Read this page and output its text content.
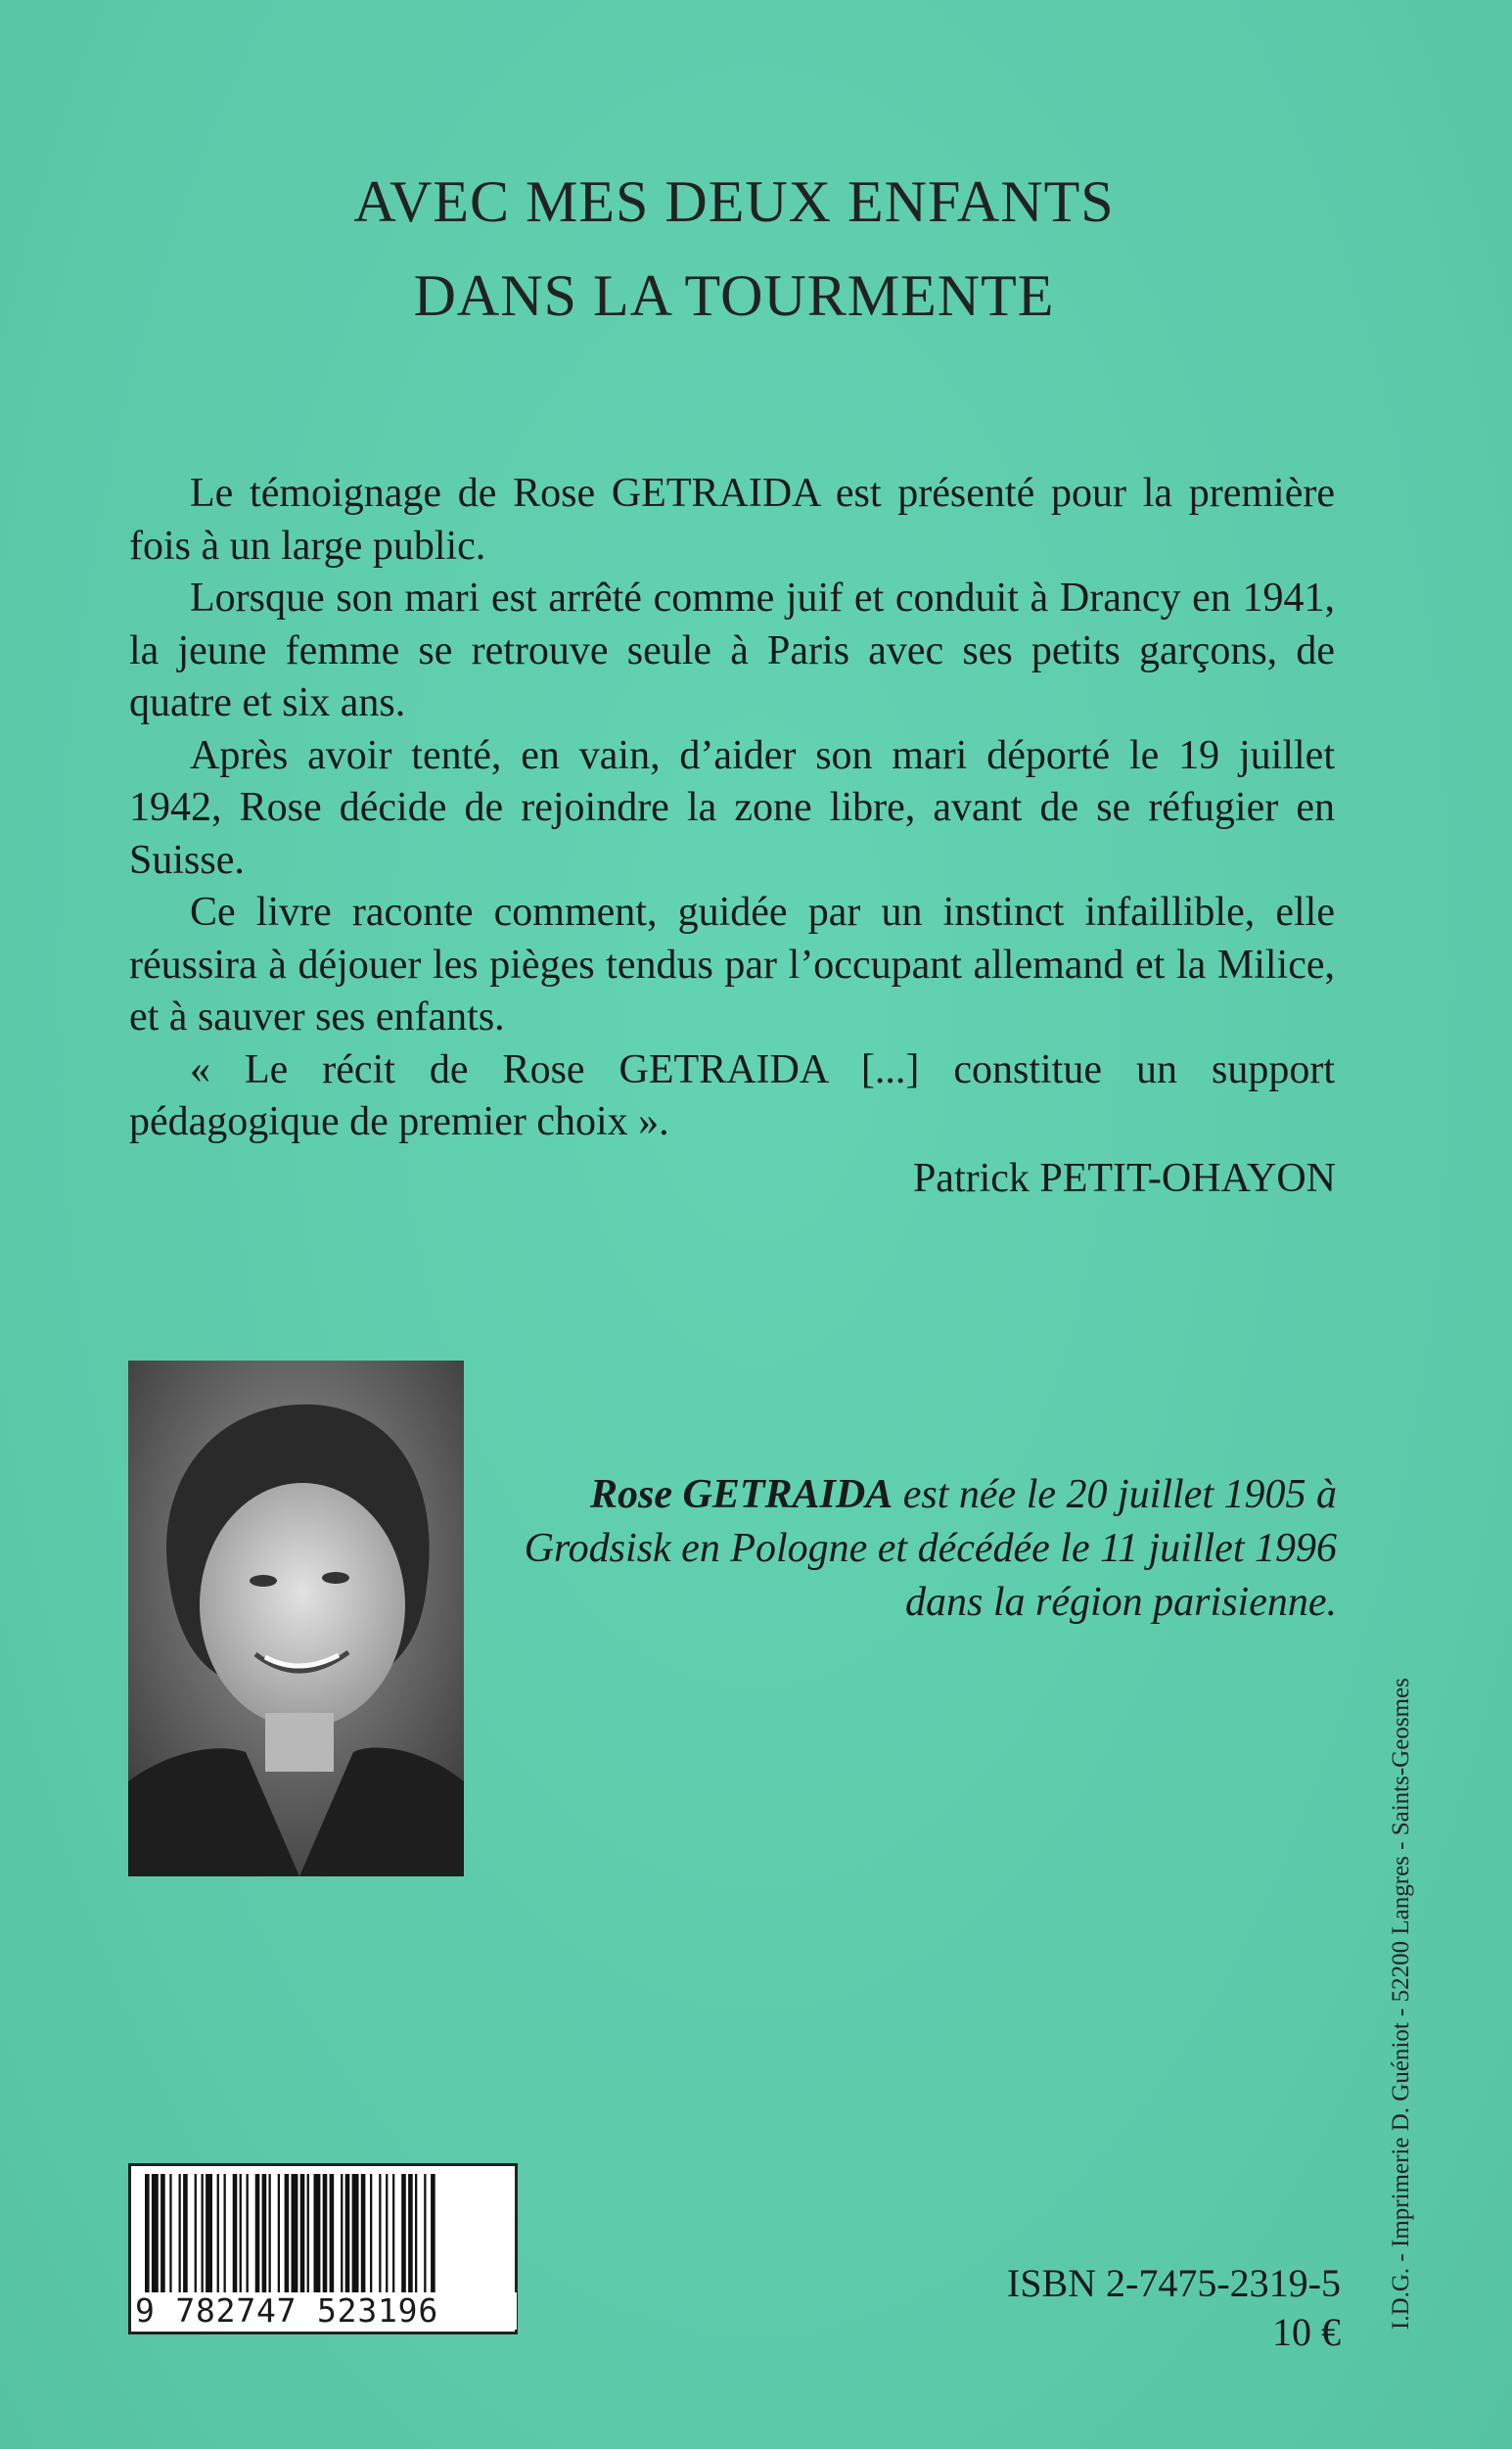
AVEC MES DEUX ENFANTS
DANS LA TOURMENTE

Le témoignage de Rose GETRAIDA est présenté pour la première fois à un large public.

Lorsque son mari est arrêté comme juif et conduit à Drancy en 1941, la jeune femme se retrouve seule à Paris avec ses petits garçons, de quatre et six ans.

Après avoir tenté, en vain, d’aider son mari déporté le 19 juillet 1942, Rose décide de rejoindre la zone libre, avant de se réfugier en Suisse.

Ce livre raconte comment, guidée par un instinct infaillible, elle réussira à déjouer les pièges tendus par l’occupant allemand et la Milice, et à sauver ses enfants.

« Le récit de Rose GETRAIDA [...] constitue un support pédagogique de premier choix ».

Patrick PETIT-OHAYON
Rose GETRAIDA est née le 20 juillet 1905 à Grodsisk en Pologne et décédée le 11 juillet 1996 dans la région parisienne.
I.D.G. - Imprimerie D. Guéniot - 52200 Langres - Saints-Geosmes
9 782747 523196
ISBN 2-7475-2319-5
10 €
